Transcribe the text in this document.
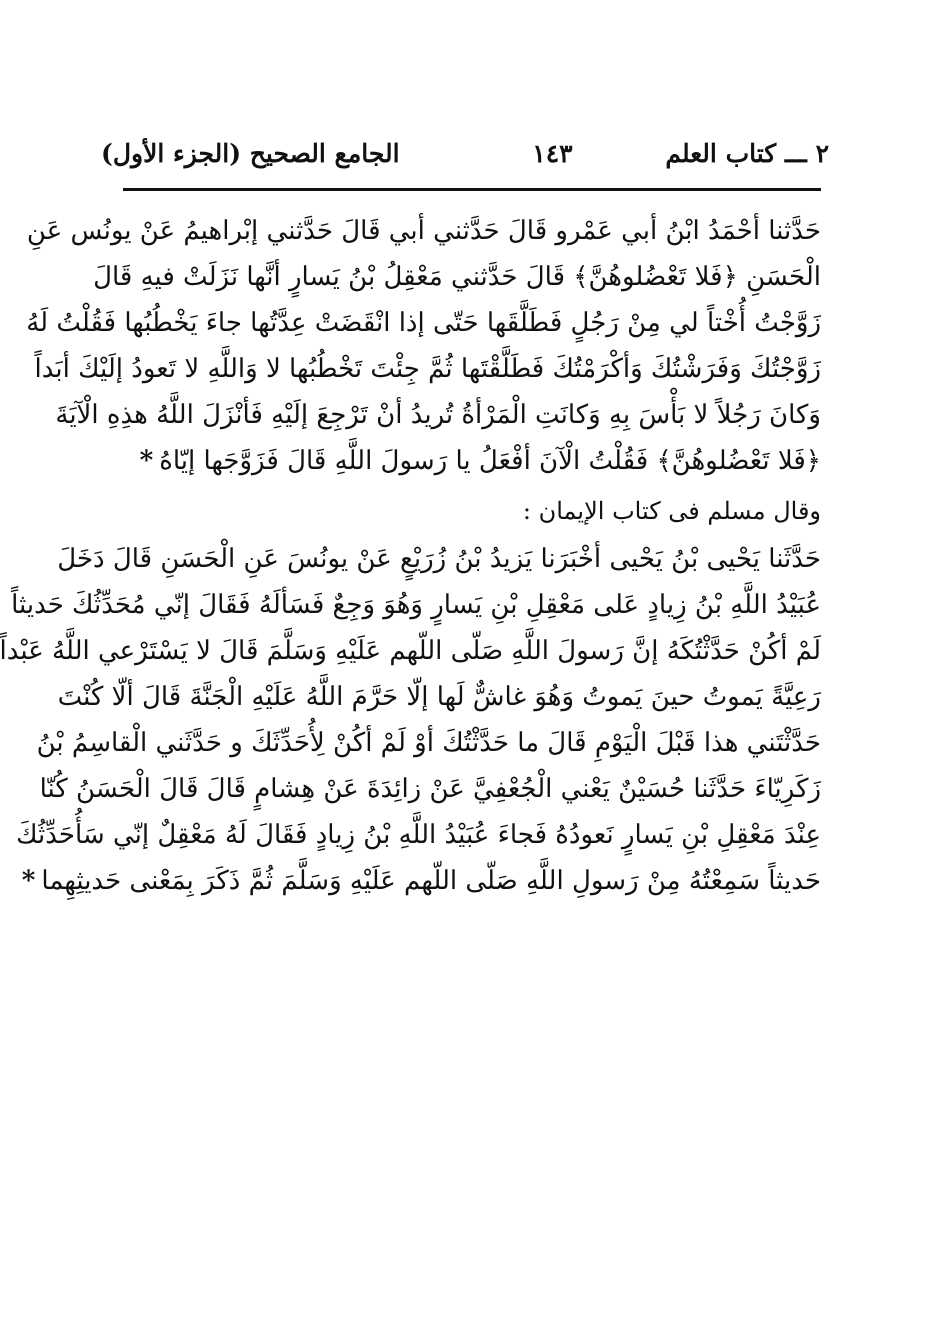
٢ ـــ كتاب العلم
١٤٣
الجامع الصحيح (الجزء الأول)
حَدَّثنا أحْمَدُ ابْنُ أبي عَمْرو قَالَ حَدَّثني أبي قَالَ حَدَّثني إبْراهيمُ عَنْ يونُس عَنِ
الْحَسَنِ ﴿فَلا تَعْضُلوهُنَّ﴾ قَالَ حَدَّثني مَعْقِلُ بْنُ يَسارٍ أنَّها نَزَلَتْ فيهِ قَالَ
زَوَّجْتُ أُخْتاً لي مِنْ رَجُلٍ فَطَلَّقَها حَتّى إذا انْقَضَتْ عِدَّتُها جاءَ يَخْطُبُها فَقُلْتُ لَهُ
زَوَّجْتُكَ وَفَرَشْتُكَ وَأكْرَمْتُكَ فَطَلَّقْتَها ثُمَّ جِئْتَ تَخْطُبُها لا وَاللَّهِ لا تَعودُ إلَيْكَ أبَداً
وَكانَ رَجُلاً لا بَأْسَ بِهِ وَكانَتِ الْمَرْأةُ تُريدُ أنْ تَرْجِعَ إلَيْهِ فَأنْزَلَ اللَّهُ هذِهِ الْآيَةَ
﴿فَلا تَعْضُلوهُنَّ﴾ فَقُلْتُ الْآنَ أفْعَلُ يا رَسولَ اللَّهِ قَالَ فَزَوَّجَها إيّاهُ*
وقال مسلم فى كتاب الإيمان :
حَدَّثَنا يَحْيى بْنُ يَحْيى أخْبَرَنا يَزيدُ بْنُ زُرَيْعٍ عَنْ يونُسَ عَنِ الْحَسَنِ قَالَ دَخَلَ
عُبَيْدُ اللَّهِ بْنُ زِيادٍ عَلى مَعْقِلِ بْنِ يَسارٍ وَهُوَ وَجِعٌ فَسَألَهُ فَقَالَ إنّي مُحَدِّثُكَ حَديثاً
لَمْ أكُنْ حَدَّثْتُكَهُ إنَّ رَسولَ اللَّهِ صَلّى اللّهم عَلَيْهِ وَسَلَّمَ قَالَ لا يَسْتَرْعي اللَّهُ عَبْداً
رَعِيَّةً يَموتُ حينَ يَموتُ وَهُوَ غاشٌّ لَها إلّا حَرَّمَ اللَّهُ عَلَيْهِ الْجَنَّةَ قَالَ ألّا كُنْتَ
حَدَّثْتَني هذا قَبْلَ الْيَوْمِ قَالَ ما حَدَّثْتُكَ أوْ لَمْ أكُنْ لِأُحَدِّثَكَ و حَدَّثَني الْقاسِمُ بْنُ
زَكَرِيّاءَ حَدَّثَنا حُسَيْنٌ يَعْني الْجُعْفِيَّ عَنْ زائِدَةَ عَنْ هِشامٍ قَالَ قَالَ الْحَسَنُ كُنّا
عِنْدَ مَعْقِلِ بْنِ يَسارٍ نَعودُهُ فَجاءَ عُبَيْدُ اللَّهِ بْنُ زِيادٍ فَقَالَ لَهُ مَعْقِلٌ إنّي سَأُحَدِّثُكَ
حَديثاً سَمِعْتُهُ مِنْ رَسولِ اللَّهِ صَلّى اللّهم عَلَيْهِ وَسَلَّمَ ثُمَّ ذَكَرَ بِمَعْنى حَديثِهِما*
